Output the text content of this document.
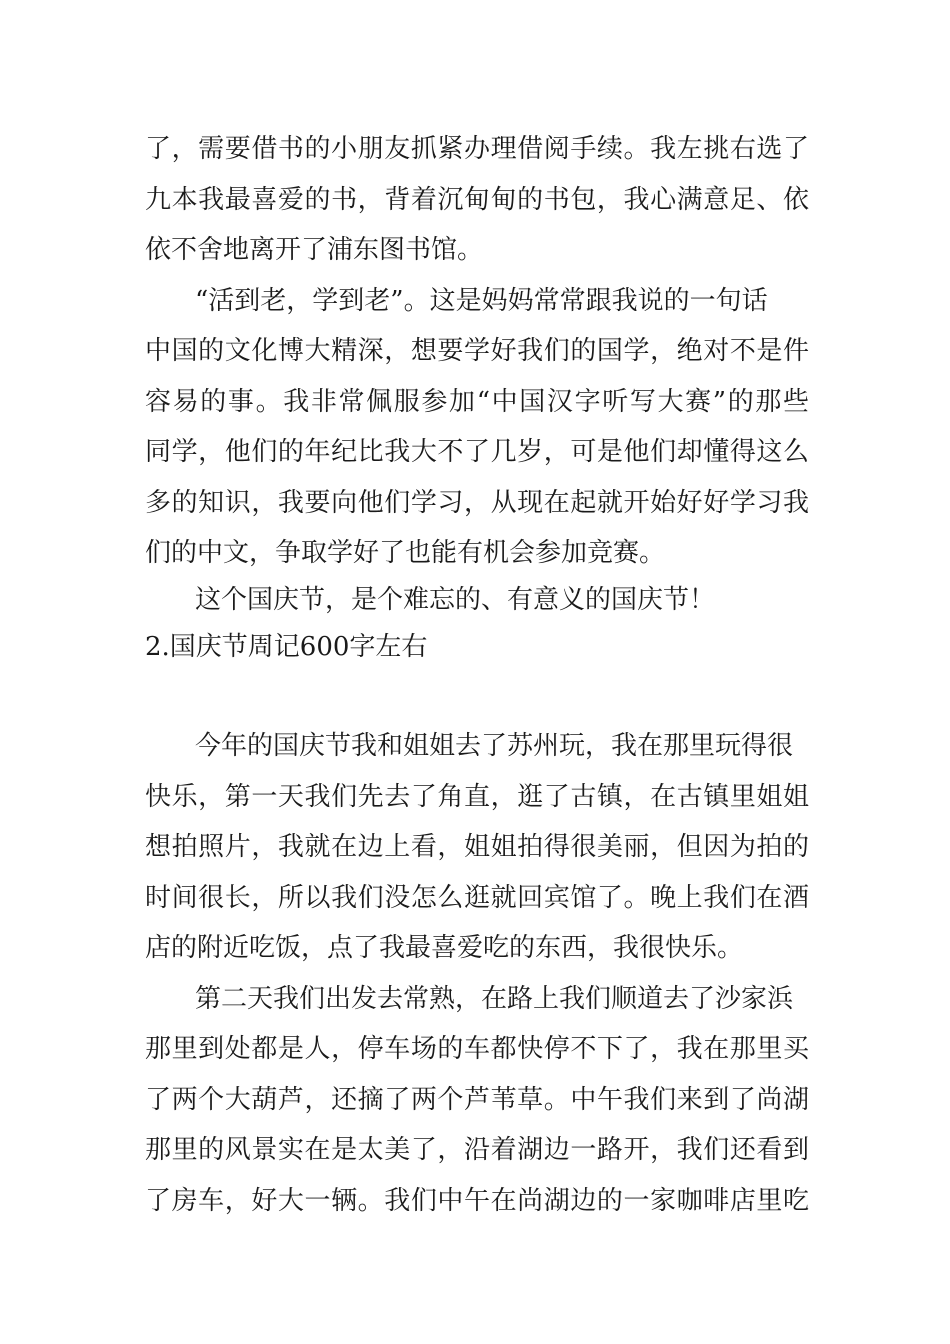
了，需要借书的小朋友抓紧办理借阅手续。我左挑右选了
九本我最喜爱的书，背着沉甸甸的书包，我心满意足、依
依不舍地离开了浦东图书馆。
“活到老，学到老”。这是妈妈常常跟我说的一句话
中国的文化博大精深，想要学好我们的国学，绝对不是件
容易的事。我非常佩服参加“中国汉字听写大赛”的那些
同学，他们的年纪比我大不了几岁，可是他们却懂得这么
多的知识，我要向他们学习，从现在起就开始好好学习我
们的中文，争取学好了也能有机会参加竞赛。
这个国庆节，是个难忘的、有意义的国庆节！
2.国庆节周记600字左右
今年的国庆节我和姐姐去了苏州玩，我在那里玩得很
快乐，第一天我们先去了角直，逛了古镇，在古镇里姐姐
想拍照片，我就在边上看，姐姐拍得很美丽，但因为拍的
时间很长，所以我们没怎么逛就回宾馆了。晚上我们在酒
店的附近吃饭，点了我最喜爱吃的东西，我很快乐。
第二天我们出发去常熟，在路上我们顺道去了沙家浜
那里到处都是人，停车场的车都快停不下了，我在那里买
了两个大葫芦，还摘了两个芦苇草。中午我们来到了尚湖
那里的风景实在是太美了，沿着湖边一路开，我们还看到
了房车，好大一辆。我们中午在尚湖边的一家咖啡店里吃
